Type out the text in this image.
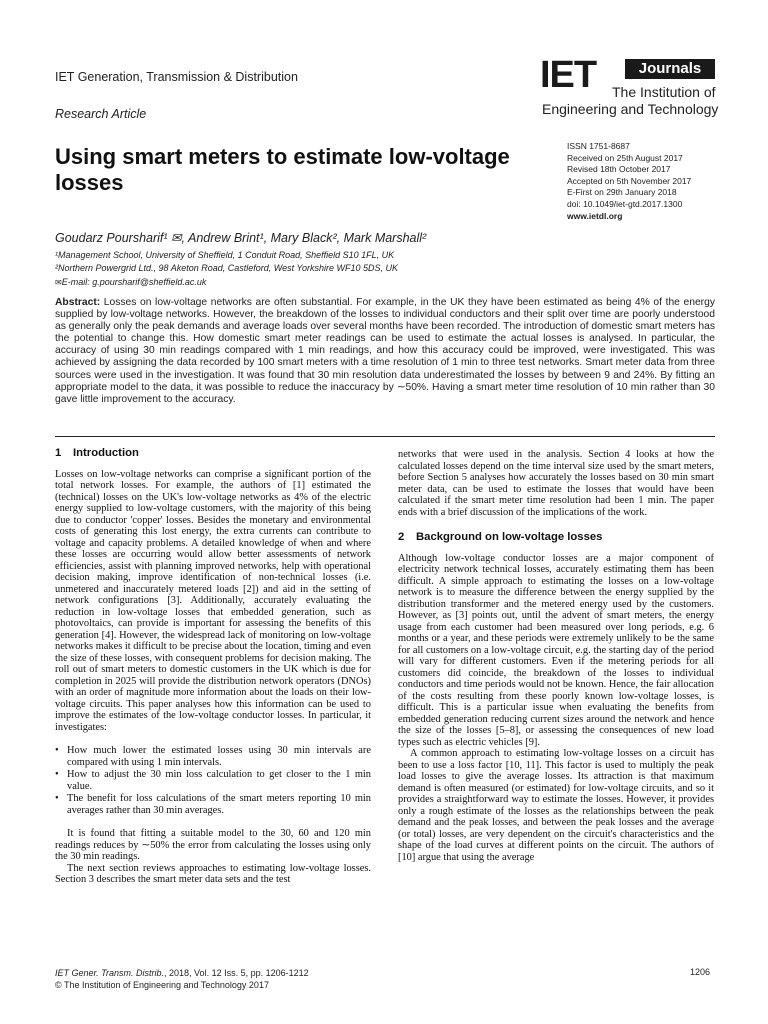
IET Generation, Transmission & Distribution
Research Article
IET	Journals
The Institution of
Engineering and Technology
Using smart meters to estimate low-voltage losses
ISSN 1751-8687
Received on 25th August 2017
Revised 18th October 2017
Accepted on 5th November 2017
E-First on 29th January 2018
doi: 10.1049/iet-gtd.2017.1300
www.ietdl.org
Goudarz Poursharif¹ ✉, Andrew Brint¹, Mary Black², Mark Marshall²
¹Management School, University of Sheffield, 1 Conduit Road, Sheffield S10 1FL, UK
²Northern Powergrid Ltd., 98 Aketon Road, Castleford, West Yorkshire WF10 5DS, UK
✉E-mail: g.poursharif@sheffield.ac.uk
Abstract: Losses on low-voltage networks are often substantial. For example, in the UK they have been estimated as being 4% of the energy supplied by low-voltage networks. However, the breakdown of the losses to individual conductors and their split over time are poorly understood as generally only the peak demands and average loads over several months have been recorded. The introduction of domestic smart meters has the potential to change this. How domestic smart meter readings can be used to estimate the actual losses is analysed. In particular, the accuracy of using 30 min readings compared with 1 min readings, and how this accuracy could be improved, were investigated. This was achieved by assigning the data recorded by 100 smart meters with a time resolution of 1 min to three test networks. Smart meter data from three sources were used in the investigation. It was found that 30 min resolution data underestimated the losses by between 9 and 24%. By fitting an appropriate model to the data, it was possible to reduce the inaccuracy by ∼50%. Having a smart meter time resolution of 10 min rather than 30 gave little improvement to the accuracy.
1 Introduction

Losses on low-voltage networks can comprise a significant portion of the total network losses. For example, the authors of [1] estimated the (technical) losses on the UK's low-voltage networks as 4% of the electric energy supplied to low-voltage customers, with the majority of this being due to conductor 'copper' losses. Besides the monetary and environmental costs of generating this lost energy, the extra currents can contribute to voltage and capacity problems. A detailed knowledge of when and where these losses are occurring would allow better assessments of network efficiencies, assist with planning improved networks, help with operational decision making, improve identification of non-technical losses (i.e. unmetered and inaccurately metered loads [2]) and aid in the setting of network configurations [3]. Additionally, accurately evaluating the reduction in low-voltage losses that embedded generation, such as photovoltaics, can provide is important for assessing the benefits of this generation [4]. However, the widespread lack of monitoring on low-voltage networks makes it difficult to be precise about the location, timing and even the size of these losses, with consequent problems for decision making. The roll out of smart meters to domestic customers in the UK which is due for completion in 2025 will provide the distribution network operators (DNOs) with an order of magnitude more information about the loads on their low-voltage circuits. This paper analyses how this information can be used to improve the estimates of the low-voltage conductor losses. In particular, it investigates:

• How much lower the estimated losses using 30 min intervals are compared with using 1 min intervals.
• How to adjust the 30 min loss calculation to get closer to the 1 min value.
• The benefit for loss calculations of the smart meters reporting 10 min averages rather than 30 min averages.

It is found that fitting a suitable model to the 30, 60 and 120 min readings reduces by ∼50% the error from calculating the losses using only the 30 min readings.

The next section reviews approaches to estimating low-voltage losses. Section 3 describes the smart meter data sets and the test

networks that were used in the analysis. Section 4 looks at how the calculated losses depend on the time interval size used by the smart meters, before Section 5 analyses how accurately the losses based on 30 min smart meter data, can be used to estimate the losses that would have been calculated if the smart meter time resolution had been 1 min. The paper ends with a brief discussion of the implications of the work.

2 Background on low-voltage losses

Although low-voltage conductor losses are a major component of electricity network technical losses, accurately estimating them has been difficult. A simple approach to estimating the losses on a low-voltage network is to measure the difference between the energy supplied by the distribution transformer and the metered energy used by the customers. However, as [3] points out, until the advent of smart meters, the energy usage from each customer had been measured over long periods, e.g. 6 months or a year, and these periods were extremely unlikely to be the same for all customers on a low-voltage circuit, e.g. the starting day of the period will vary for different customers. Even if the metering periods for all customers did coincide, the breakdown of the losses to individual conductors and time periods would not be known. Hence, the fair allocation of the costs resulting from these poorly known low-voltage losses, is difficult. This is a particular issue when evaluating the benefits from embedded generation reducing current sizes around the network and hence the size of the losses [5–8], or assessing the consequences of new load types such as electric vehicles [9].

A common approach to estimating low-voltage losses on a circuit has been to use a loss factor [10, 11]. This factor is used to multiply the peak load losses to give the average losses. Its attraction is that maximum demand is often measured (or estimated) for low-voltage circuits, and so it provides a straightforward way to estimate the losses. However, it provides only a rough estimate of the losses as the relationships between the peak demand and the peak losses, and between the peak losses and the average (or total) losses, are very dependent on the circuit's characteristics and the shape of the load curves at different points on the circuit. The authors of [10] argue that using the average

IET Gener. Transm. Distrib., 2018, Vol. 12 Iss. 5, pp. 1206-1212
© The Institution of Engineering and Technology 2017
1206
